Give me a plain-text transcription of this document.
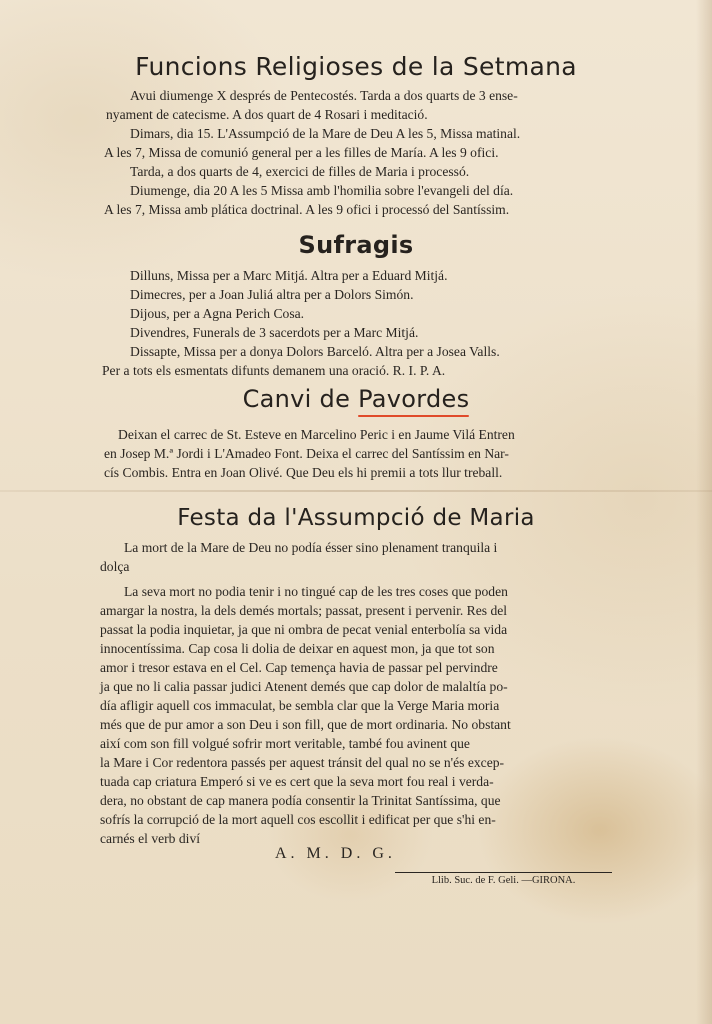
Funcions Religioses de la Setmana
Avui diumenge X després de Pentecostés. Tarda a dos quarts de 3 ense-
nyament de catecisme. A dos quart de 4 Rosari i meditació.
Dimars, dia 15. L'Assumpció de la Mare de Deu A les 5, Missa matinal.
A les 7, Missa de comunió general per a les filles de María. A les 9 ofici.
Tarda, a dos quarts de 4, exercici de filles de Maria i processó.
Diumenge, dia 20 A les 5 Missa amb l'homilia sobre l'evangeli del día.
A les 7, Missa amb plática doctrinal. A les 9 ofici i processó del Santíssim.
Sufragis
Dilluns, Missa per a Marc Mitjá. Altra per a Eduard Mitjá.
Dimecres, per a Joan Juliá altra per a Dolors Simón.
Dijous, per a Agna Perich Cosa.
Divendres, Funerals de 3 sacerdots per a Marc Mitjá.
Dissapte, Missa per a donya Dolors Barceló. Altra per a Josea Valls.
Per a tots els esmentats difunts demanem una oració. R. I. P. A.
Canvi de Pavordes
Deixan el carrec de St. Esteve en Marcelino Peric i en Jaume Vilá Entren
en Josep M.ª Jordi i L'Amadeo Font. Deixa el carrec del Santíssim en Nar-
cís Combis. Entra en Joan Olivé. Que Deu els hi premii a tots llur treball.
Festa da l'Assumpció de Maria
La mort de la Mare de Deu no podía ésser sino plenament tranquila i
dolça
La seva mort no podia tenir i no tingué cap de les tres coses que poden
amargar la nostra, la dels demés mortals; passat, present i pervenir. Res del
passat la podia inquietar, ja que ni ombra de pecat venial enterbolía sa vida
innocentíssima. Cap cosa li dolia de deixar en aquest mon, ja que tot son
amor i tresor estava en el Cel. Cap temença havia de passar pel pervindre
ja que no li calia passar judici Atenent demés que cap dolor de malaltía po-
día afligir aquell cos immaculat, be sembla clar que la Verge Maria moria
més que de pur amor a son Deu i son fill, que de mort ordinaria. No obstant
així com son fill volgué sofrir mort veritable, també fou avinent que
la Mare i Cor redentora passés per aquest tránsit del qual no se n'és excep-
tuada cap criatura Emperó si ve es cert que la seva mort fou real i verda-
dera, no obstant de cap manera podía consentir la Trinitat Santíssima, que
sofrís la corrupció de la mort aquell cos escollit i edificat per que s'hi en-
carnés el verb diví
A. M. D. G.
Llib. Suc. de F. Geli. —GIRONA.
